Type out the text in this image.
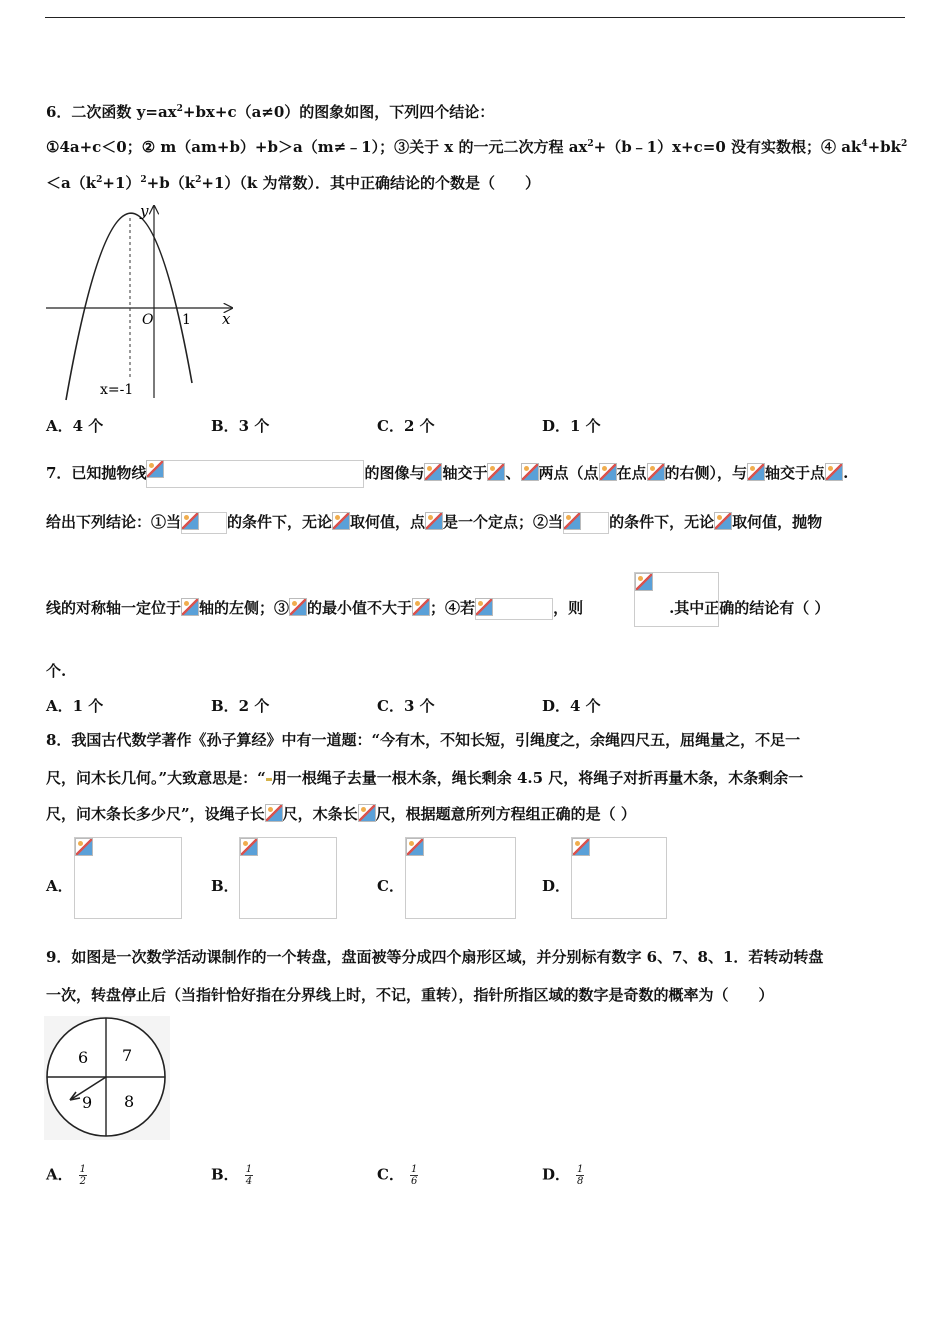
6．二次函数 $y=ax^2+bx+c(a\ne 0)$的图象如图，下列四个结论：
①4a+c＜0；② m（am+b）+b＞a（m≠﹣1）；③关于 x 的一元二次方程 $ax^2+(b﹣1)x+c=0$ 没有实数根；④ $ak^4+bk^2$
$<a(k^2+1)^2+b(k^2+1)(k$ 为常数）．其中正确结论的个数是（　　）
y
x
O 1
x=-1
A．4 个	B．3 个	C．2 个	D．1 个
7．已知抛物线	的图像与 轴交于 、 两点（点 在点 的右侧），与 轴交于点 .
给出下列结论：①当	的条件下，无论 取何值，点 是一个定点；②当	的条件下，无论 取何值，抛物
线的对称轴一定位于 轴的左侧；③ 的最小值不大于 ；④若	，则	.其中正确的结论有（ ）
个.
A．1 个	B．2 个	C．3 个	D．4 个
8．我国古代数学著作《孙子算经》中有一道题：“今有木，不知长短，引绳度之，余绳四尺五，屈绳量之，不足一
尺，问木长几何。”大致意思是：“ 用一根绳子去量一根木条，绳长剩余 4.5 尺，将绳子对折再量木条，木条剩余一
尺，问木条长多少尺”，设绳子长 尺，木条长 尺，根据题意所列方程组正确的是（ ）
A．	B．	C．	D．
9．如图是一次数学活动课制作的一个转盘，盘面被等分成四个扇形区域，并分别标有数字 6、7、8、1．若转动转盘
一次，转盘停止后（当指针恰好指在分界线上时，不记，重转），指针所指区域的数字是奇数的概率为（　　）
6 7
9 8
A． $\frac{1}{2}$	B． $\frac{1}{4}$	C． $\frac{1}{6}$	D． $\frac{1}{8}$
